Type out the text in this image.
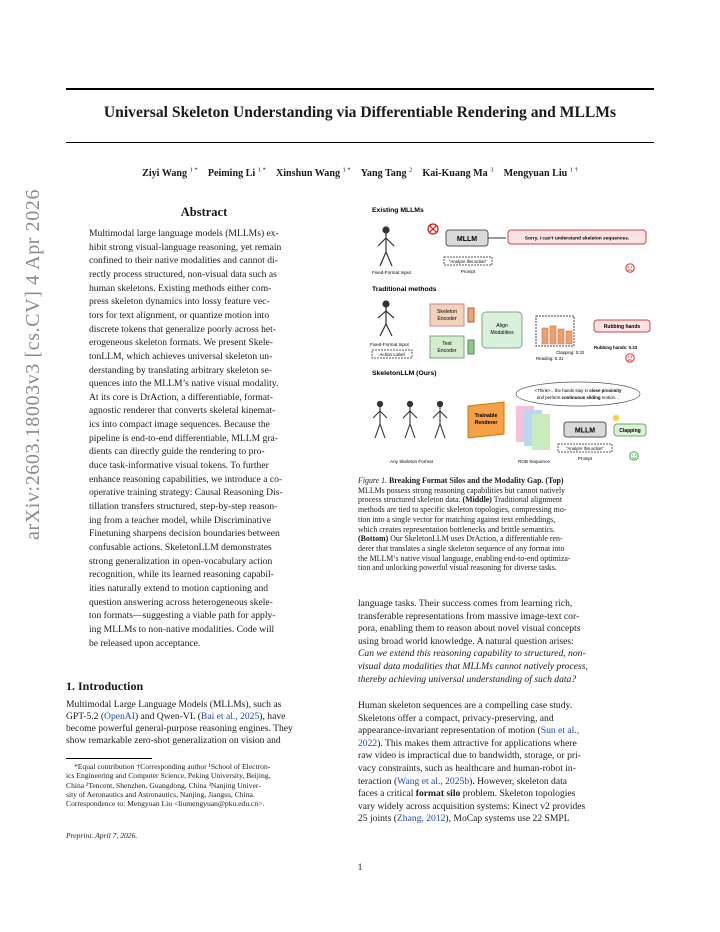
Universal Skeleton Understanding via Differentiable Rendering and MLLMs
Ziyi Wang $^{1 *}$  Peiming Li $^{1 *}$  Xinshun Wang $^{1 *}$  Yang Tang $^2$  Kai-Kuang Ma $^3$  Mengyuan Liu $^{1 \dagger}$
arXiv:2603.18003v3 [cs.CV] 4 Apr 2026	Abstract
Multimodal large language models (MLLMs) ex-
hibit strong visual-language reasoning, yet remain
confined to their native modalities and cannot di-
rectly process structured, non-visual data such as
human skeletons. Existing methods either com-
press skeleton dynamics into lossy feature vec-
tors for text alignment, or quantize motion into
discrete tokens that generalize poorly across het-
erogeneous skeleton formats. We present Skele-
tonLLM, which achieves universal skeleton un-
derstanding by translating arbitrary skeleton se-
quences into the MLLM’s native visual modality.
At its core is DrAction, a differentiable, format-
agnostic renderer that converts skeletal kinemat-
ics into compact image sequences. Because the
pipeline is end-to-end differentiable, MLLM gra-
dients can directly guide the rendering to pro-
duce task-informative visual tokens. To further
enhance reasoning capabilities, we introduce a co-
operative training strategy: Causal Reasoning Dis-
tillation transfers structured, step-by-step reason-
ing from a teacher model, while Discriminative
Finetuning sharpens decision boundaries between
confusable actions. SkeletonLLM demonstrates
strong generalization in open-vocabulary action
recognition, while its learned reasoning capabil-
ities naturally extend to motion captioning and
question answering across heterogeneous skele-
ton formats—suggesting a viable path for apply-
ing MLLMs to non-native modalities. Code will
be released upon acceptance.
1. Introduction
Multimodal Large Language Models (MLLMs), such as
GPT-5.2 (OpenAI) and Qwen-VL (Bai et al., 2025), have
become powerful general-purpose reasoning engines. They
show remarkable zero-shot generalization on vision and
*Equal contribution †Corresponding author ¹School of Electron-
ics Engineering and Computer Science, Peking University, Beijing,
China ²Tencent, Shenzhen, Guangdong, China ³Nanjing Univer-
sity of Aeronautics and Astronautics, Nanjing, Jiangsu, China.
Correspondence to: Mengyuan Liu <liumengyuan@pku.edu.cn>.
Preprint. April 7, 2026.
1
Existing MLLMs
Fixed-Format Input
MLLM	Sorry, I can’t understand skeleton sequences.
"Analyze this action"
Prompt
Traditional methods
Fixed-Format Input
Action Label
Skeleton Encoder
Text Encoder
Align Modalities
Rubbing hands
Rubbing hands: 0.33
Clapping: 0.32
Reading: 0.31
SkeletonLLM (Ours)
Any Skeleton Format
Trainable Renderer
RGB Sequence
<Think>…the hands stay in close proximity
and perform continuous sliding motion…
MLLM	Clapping
"Analyze this action"
Prompt
Figure 1. Breaking Format Silos and the Modality Gap. (Top)
MLLMs possess strong reasoning capabilities but cannot natively
process structured skeleton data. (Middle) Traditional alignment
methods are tied to specific skeleton topologies, compressing mo-
tion into a single vector for matching against text embeddings,
which creates representation bottlenecks and brittle semantics.
(Bottom) Our SkeletonLLM uses DrAction, a differentiable ren-
derer that translates a single skeleton sequence of any format into
the MLLM’s native visual language, enabling end-to-end optimiza-
tion and unlocking powerful visual reasoning for diverse tasks.
language tasks. Their success comes from learning rich,
transferable representations from massive image-text cor-
pora, enabling them to reason about novel visual concepts
using broad world knowledge. A natural question arises:
Can we extend this reasoning capability to structured, non-
visual data modalities that MLLMs cannot natively process,
thereby achieving universal understanding of such data?
Human skeleton sequences are a compelling case study.
Skeletons offer a compact, privacy-preserving, and
appearance-invariant representation of motion (Sun et al.,
2022). This makes them attractive for applications where
raw video is impractical due to bandwidth, storage, or pri-
vacy constraints, such as healthcare and human-robot in-
teraction (Wang et al., 2025b). However, skeleton data
faces a critical format silo problem. Skeleton topologies
vary widely across acquisition systems: Kinect v2 provides
25 joints (Zhang, 2012), MoCap systems use 22 SMPL
